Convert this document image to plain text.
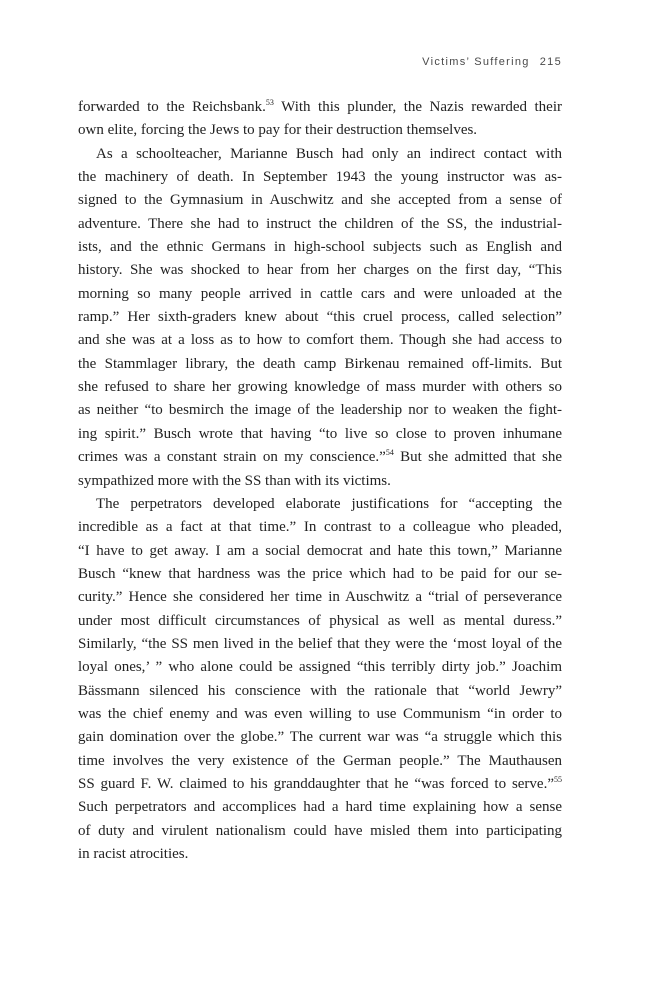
Victims’ Suffering 215
forwarded to the Reichsbank.$^{53}$ With this plunder, the Nazis rewarded their
own elite, forcing the Jews to pay for their destruction themselves.
As a schoolteacher, Marianne Busch had only an indirect contact with
the machinery of death. In September 1943 the young instructor was as-
signed to the Gymnasium in Auschwitz and she accepted from a sense of
adventure. There she had to instruct the children of the SS, the industrial-
ists, and the ethnic Germans in high-school subjects such as English and
history. She was shocked to hear from her charges on the first day, “This
morning so many people arrived in cattle cars and were unloaded at the
ramp.” Her sixth-graders knew about “this cruel process, called selection”
and she was at a loss as to how to comfort them. Though she had access to
the Stammlager library, the death camp Birkenau remained off-limits. But
she refused to share her growing knowledge of mass murder with others so
as neither “to besmirch the image of the leadership nor to weaken the fight-
ing spirit.” Busch wrote that having “to live so close to proven inhumane
crimes was a constant strain on my conscience.”$^{54}$ But she admitted that she
sympathized more with the SS than with its victims.
The perpetrators developed elaborate justifications for “accepting the
incredible as a fact at that time.” In contrast to a colleague who pleaded,
“I have to get away. I am a social democrat and hate this town,” Marianne
Busch “knew that hardness was the price which had to be paid for our se-
curity.” Hence she considered her time in Auschwitz a “trial of perseverance
under most difficult circumstances of physical as well as mental duress.”
Similarly, “the SS men lived in the belief that they were the ‘most loyal of the
loyal ones,’ ” who alone could be assigned “this terribly dirty job.” Joachim
Bässmann silenced his conscience with the rationale that “world Jewry”
was the chief enemy and was even willing to use Communism “in order to
gain domination over the globe.” The current war was “a struggle which this
time involves the very existence of the German people.” The Mauthausen
SS guard F. W. claimed to his granddaughter that he “was forced to serve.”$^{55}$
Such perpetrators and accomplices had a hard time explaining how a sense
of duty and virulent nationalism could have misled them into participating
in racist atrocities.
